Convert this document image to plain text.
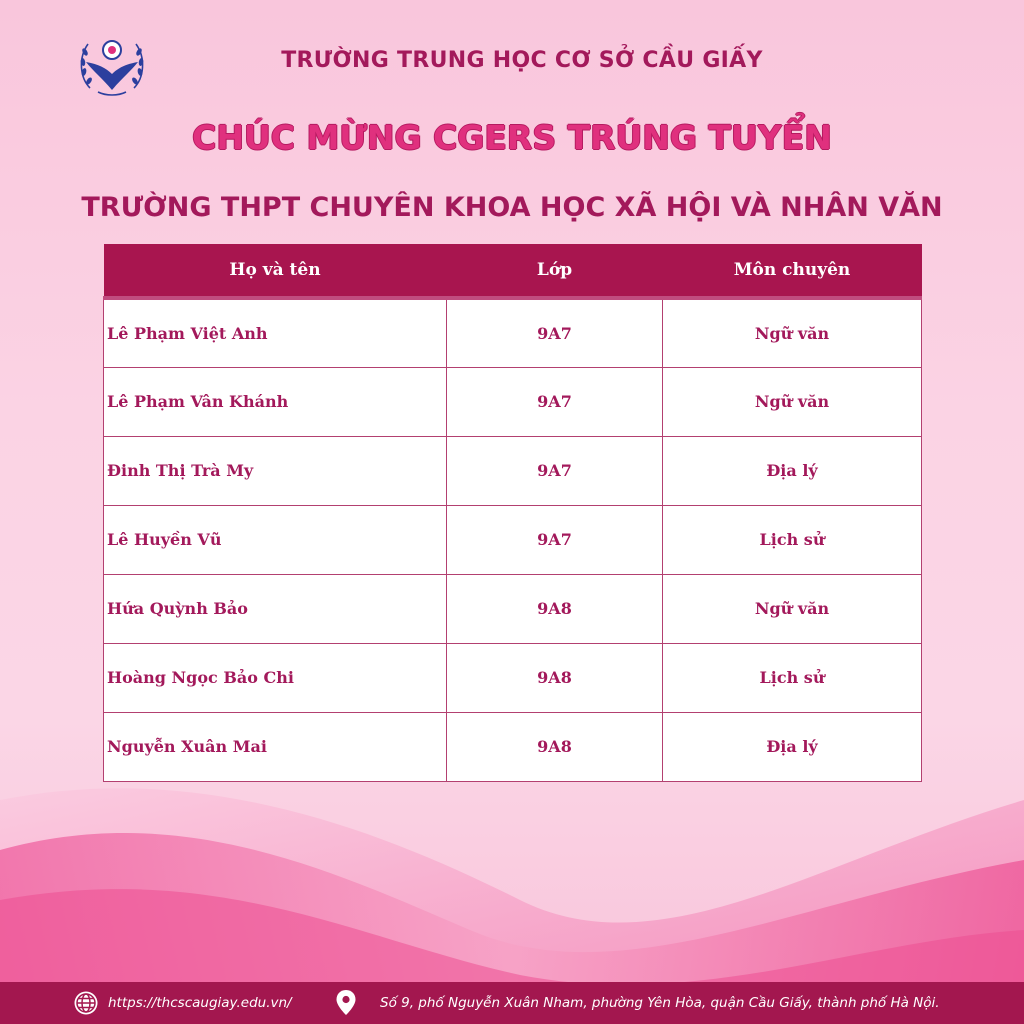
TRƯỜNG TRUNG HỌC CƠ SỞ CẦU GIẤY
CHÚC MỪNG CGERS TRÚNG TUYỂN
TRƯỜNG THPT CHUYÊN KHOA HỌC XÃ HỘI VÀ NHÂN VĂN
Họ và tên	Lớp	Môn chuyên
Lê Phạm Việt Anh	9A7	Ngữ văn
Lê Phạm Vân Khánh	9A7	Ngữ văn
Đinh Thị Trà My	9A7	Địa lý
Lê Huyền Vũ	9A7	Lịch sử
Hứa Quỳnh Bảo	9A8	Ngữ văn
Hoàng Ngọc Bảo Chi	9A8	Lịch sử
Nguyễn Xuân Mai	9A8	Địa lý
https://thcscaugiay.edu.vn/	Số 9, phố Nguyễn Xuân Nham, phường Yên Hòa, quận Cầu Giấy, thành phố Hà Nội.
